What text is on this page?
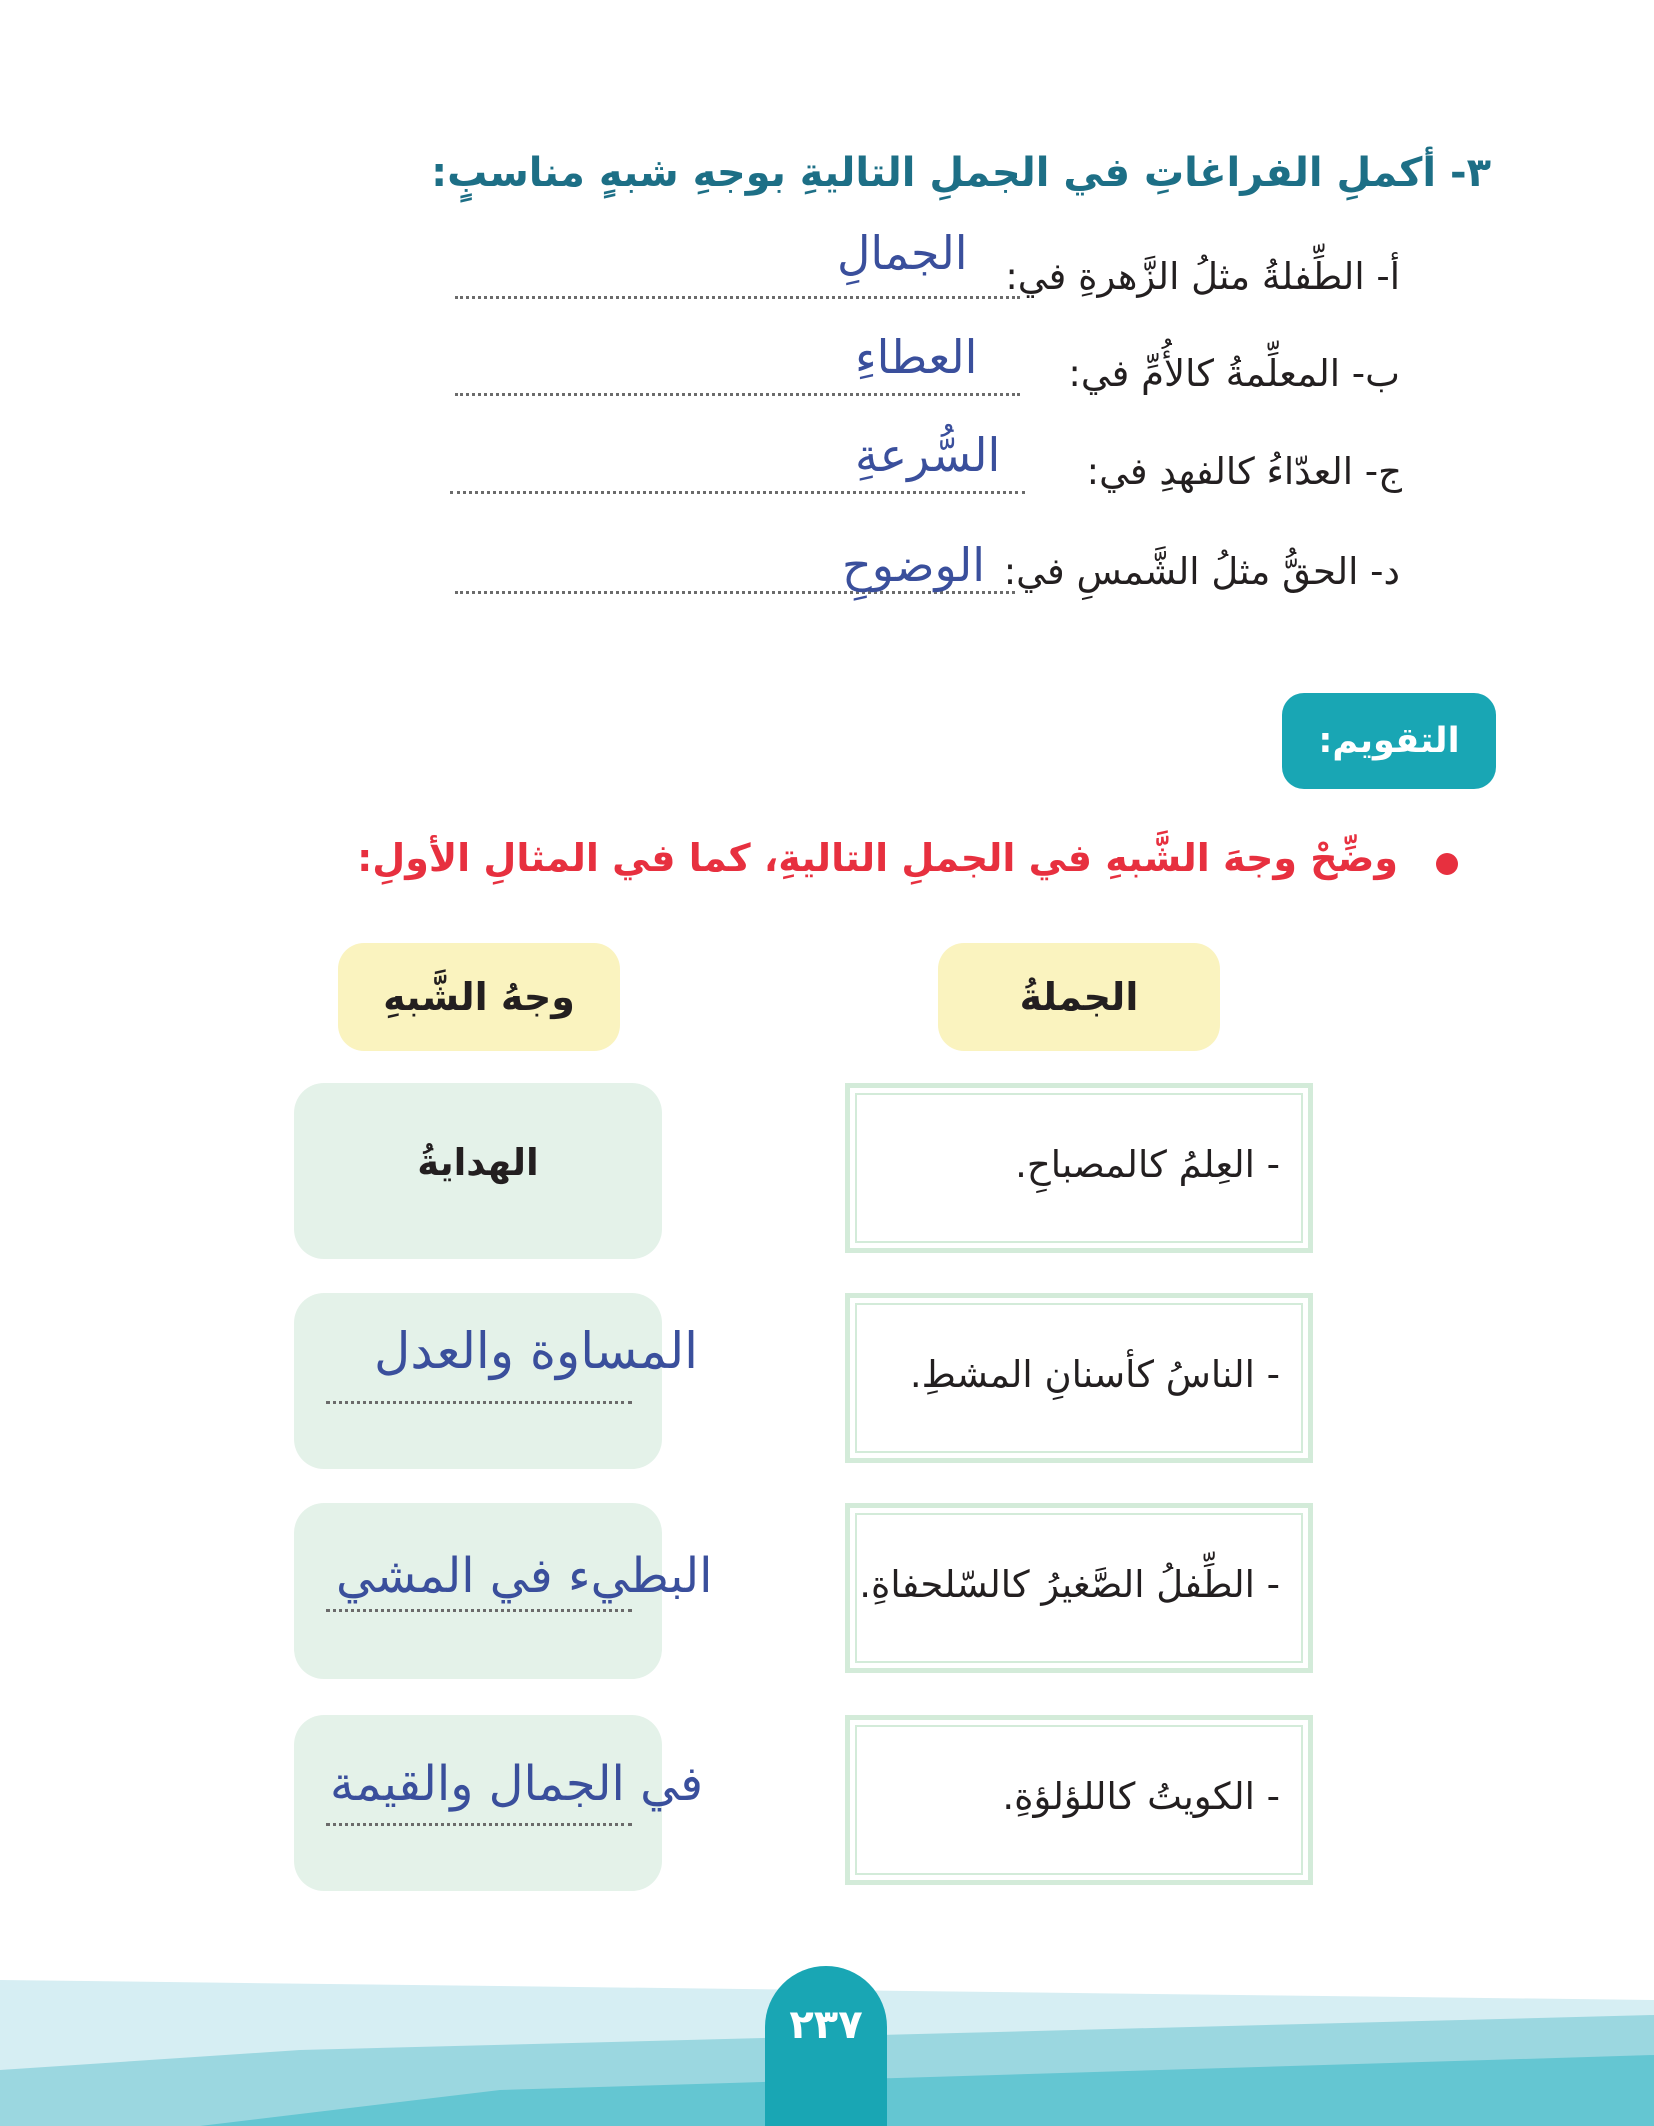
٣- أكملِ الفراغاتِ في الجملِ التاليةِ بوجهِ شبهٍ مناسبٍ:
أ- الطِّفلةُ مثلُ الزَّهرةِ في:
الجمالِ
ب- المعلِّمةُ كالأُمِّ في:
العطاءِ
ج- العدّاءُ كالفهدِ في:
السُّرعةِ
د- الحقُّ مثلُ الشَّمسِ في:
الوضوحِ
التقويم:
وضِّحْ وجهَ الشَّبهِ في الجملِ التاليةِ، كما في المثالِ الأولِ:
الجملةُ
وجهُ الشَّبهِ
- العِلمُ كالمصباحِ.
الهدايةُ
- الناسُ كأسنانِ المشطِ.
المساوة والعدل
- الطِّفلُ الصَّغيرُ كالسّلحفاةِ.
البطيء في المشي
- الكويتُ كاللؤلؤةِ.
في الجمال والقيمة
٢٣٧
